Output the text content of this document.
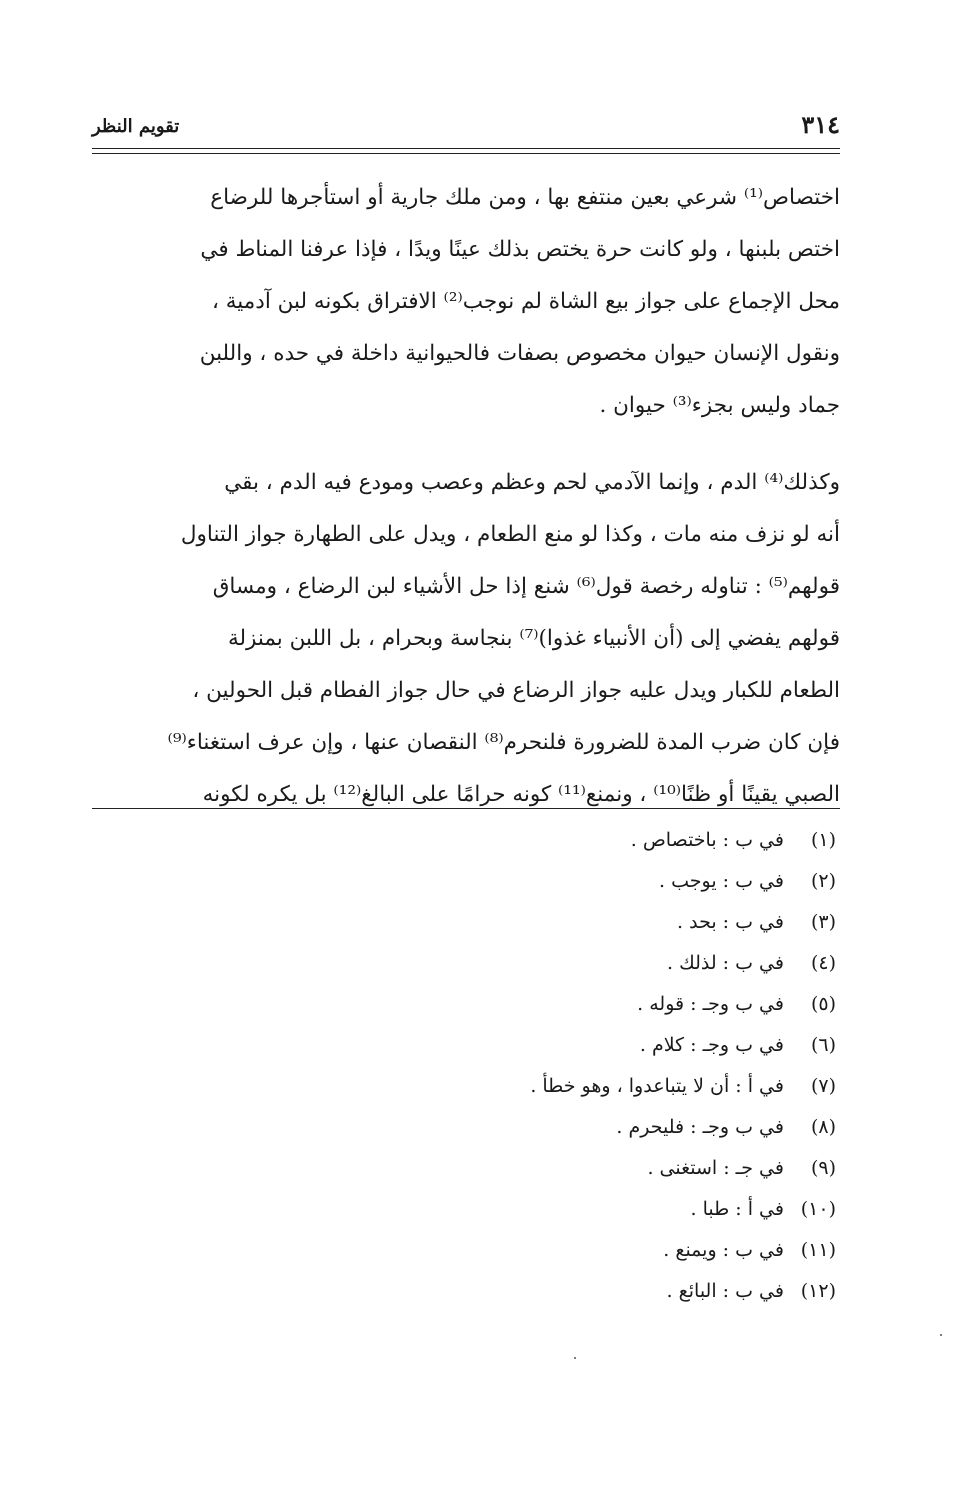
٣١٤
تقويم النظر
اختصاص⁽¹⁾ شرعي بعين منتفع بها ، ومن ملك جارية أو استأجرها للرضاع
اختص بلبنها ، ولو كانت حرة يختص بذلك عينًا ويدًا ، فإذا عرفنا المناط في
محل الإجماع على جواز بيع الشاة لم نوجب⁽²⁾ الافتراق بكونه لبن آدمية ،
ونقول الإنسان حيوان مخصوص بصفات فالحيوانية داخلة في حده ، واللبن
جماد وليس بجزء⁽³⁾ حيوان .
وكذلك⁽⁴⁾ الدم ، وإنما الآدمي لحم وعظم وعصب ومودع فيه الدم ، بقي
أنه لو نزف منه مات ، وكذا لو منع الطعام ، ويدل على الطهارة جواز التناول
قولهم⁽⁵⁾ : تناوله رخصة قول⁽⁶⁾ شنع إذا حل الأشياء لبن الرضاع ، ومساق
قولهم يفضي إلى (أن الأنبياء غذوا)⁽⁷⁾ بنجاسة وبحرام ، بل اللبن بمنزلة
الطعام للكبار ويدل عليه جواز الرضاع في حال جواز الفطام قبل الحولين ،
فإن كان ضرب المدة للضرورة فلنحرم⁽⁸⁾ النقصان عنها ، وإن عرف استغناء⁽⁹⁾
الصبي يقينًا أو ظنًا⁽¹⁰⁾ ، ونمنع⁽¹¹⁾ كونه حرامًا على البالغ⁽¹²⁾ بل يكره لكونه
(١) في ب : باختصاص .
(٢) في ب : يوجب .
(٣) في ب : بحد .
(٤) في ب : لذلك .
(٥) في ب وجـ : قوله .
(٦) في ب وجـ : كلام .
(٧) في أ : أن لا يتباعدوا ، وهو خطأ .
(٨) في ب وجـ : فليحرم .
(٩) في جـ : استغنى .
(١٠) في أ : طبا .
(١١) في ب : ويمنع .
(١٢) في ب : البائع .
